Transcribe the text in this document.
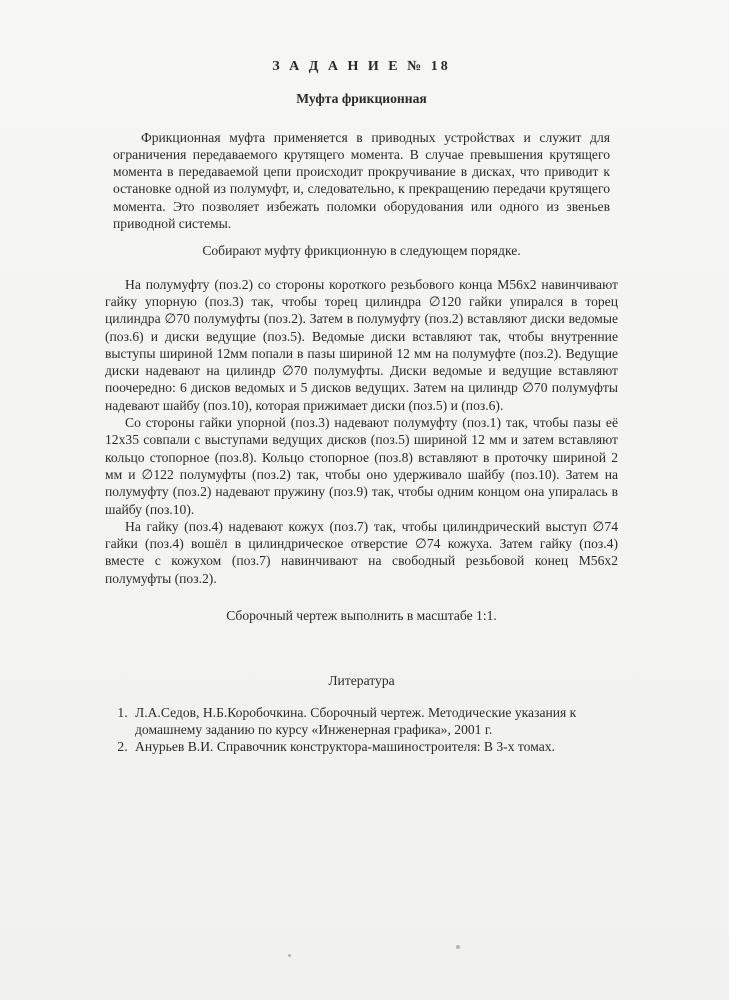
З А Д А Н И Е № 18
Муфта фрикционная

Фрикционная муфта применяется в приводных устройствах и служит для ограничения передаваемого крутящего момента. В случае превышения крутящего момента в передаваемой цепи происходит прокручивание в дисках, что приводит к остановке одной из полумуфт, и, следовательно, к прекращению передачи крутящего момента. Это позволяет избежать поломки оборудования или одного из звеньев приводной системы.

Собирают муфту фрикционную в следующем порядке.

На полумуфту (поз.2) со стороны короткого резьбового конца М56х2 навинчивают гайку упорную (поз.3) так, чтобы торец цилиндра ∅120 гайки упирался в торец цилиндра ∅70 полумуфты (поз.2). Затем в полумуфту (поз.2) вставляют диски ведомые (поз.6) и диски ведущие (поз.5). Ведомые диски вставляют так, чтобы внутренние выступы шириной 12мм попали в пазы шириной 12 мм на полумуфте (поз.2). Ведущие диски надевают на цилиндр ∅70 полумуфты. Диски ведомые и ведущие вставляют поочередно: 6 дисков ведомых и 5 дисков ведущих. Затем на цилиндр ∅70 полумуфты надевают шайбу (поз.10), которая прижимает диски (поз.5) и (поз.6).

Со стороны гайки упорной (поз.3) надевают полумуфту (поз.1) так, чтобы пазы её 12х35 совпали с выступами ведущих дисков (поз.5) шириной 12 мм и затем вставляют кольцо стопорное (поз.8). Кольцо стопорное (поз.8) вставляют в проточку шириной 2 мм и ∅122 полумуфты (поз.2) так, чтобы оно удерживало шайбу (поз.10). Затем на полумуфту (поз.2) надевают пружину (поз.9) так, чтобы одним концом она упиралась в шайбу (поз.10).

На гайку (поз.4) надевают кожух (поз.7) так, чтобы цилиндрический выступ ∅74 гайки (поз.4) вошёл в цилиндрическое отверстие ∅74 кожуха. Затем гайку (поз.4) вместе с кожухом (поз.7) навинчивают на свободный резьбовой конец М56х2 полумуфты (поз.2).

Сборочный чертеж выполнить в масштабе 1:1.

Литература

1. Л.А.Седов, Н.Б.Коробочкина. Сборочный чертеж. Методические указания к домашнему заданию по курсу «Инженерная графика», 2001 г.
2. Анурьев В.И. Справочник конструктора-машиностроителя: В 3-х томах.
